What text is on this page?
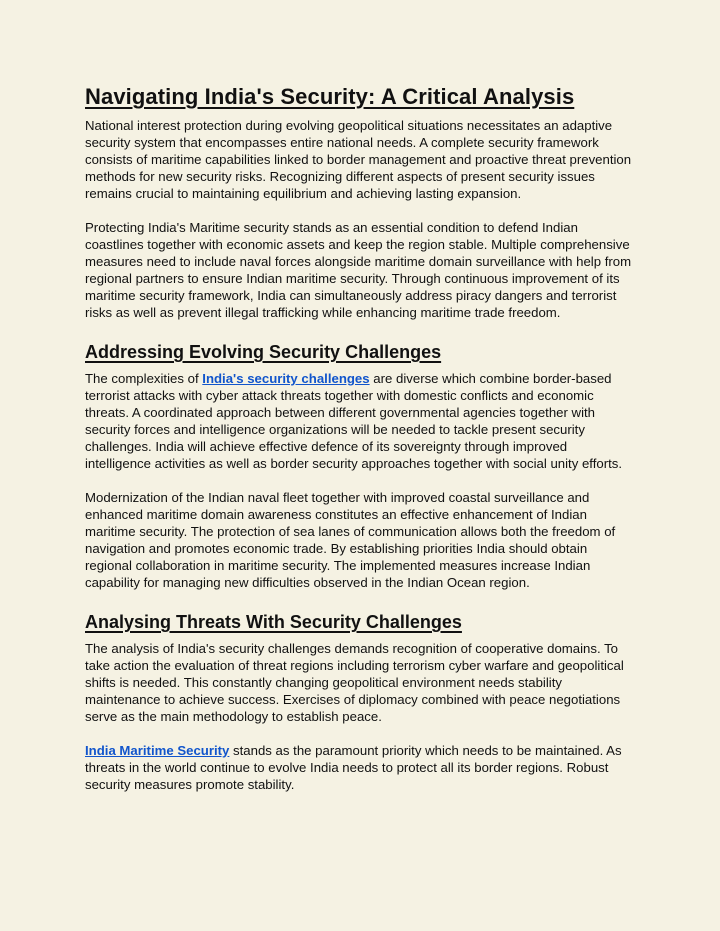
Navigating India's Security: A Critical Analysis

National interest protection during evolving geopolitical situations necessitates an adaptive security system that encompasses entire national needs. A complete security framework consists of maritime capabilities linked to border management and proactive threat prevention methods for new security risks. Recognizing different aspects of present security issues remains crucial to maintaining equilibrium and achieving lasting expansion.

Protecting India's Maritime security stands as an essential condition to defend Indian coastlines together with economic assets and keep the region stable. Multiple comprehensive measures need to include naval forces alongside maritime domain surveillance with help from regional partners to ensure Indian maritime security. Through continuous improvement of its maritime security framework, India can simultaneously address piracy dangers and terrorist risks as well as prevent illegal trafficking while enhancing maritime trade freedom.

Addressing Evolving Security Challenges

The complexities of India's security challenges are diverse which combine border-based terrorist attacks with cyber attack threats together with domestic conflicts and economic threats. A coordinated approach between different governmental agencies together with security forces and intelligence organizations will be needed to tackle present security challenges. India will achieve effective defence of its sovereignty through improved intelligence activities as well as border security approaches together with social unity efforts.

Modernization of the Indian naval fleet together with improved coastal surveillance and enhanced maritime domain awareness constitutes an effective enhancement of Indian maritime security. The protection of sea lanes of communication allows both the freedom of navigation and promotes economic trade. By establishing priorities India should obtain regional collaboration in maritime security. The implemented measures increase Indian capability for managing new difficulties observed in the Indian Ocean region.

Analysing Threats With Security Challenges

The analysis of India's security challenges demands recognition of cooperative domains. To take action the evaluation of threat regions including terrorism cyber warfare and geopolitical shifts is needed. This constantly changing geopolitical environment needs stability maintenance to achieve success. Exercises of diplomacy combined with peace negotiations serve as the main methodology to establish peace.

India Maritime Security stands as the paramount priority which needs to be maintained. As threats in the world continue to evolve India needs to protect all its border regions. Robust security measures promote stability.
